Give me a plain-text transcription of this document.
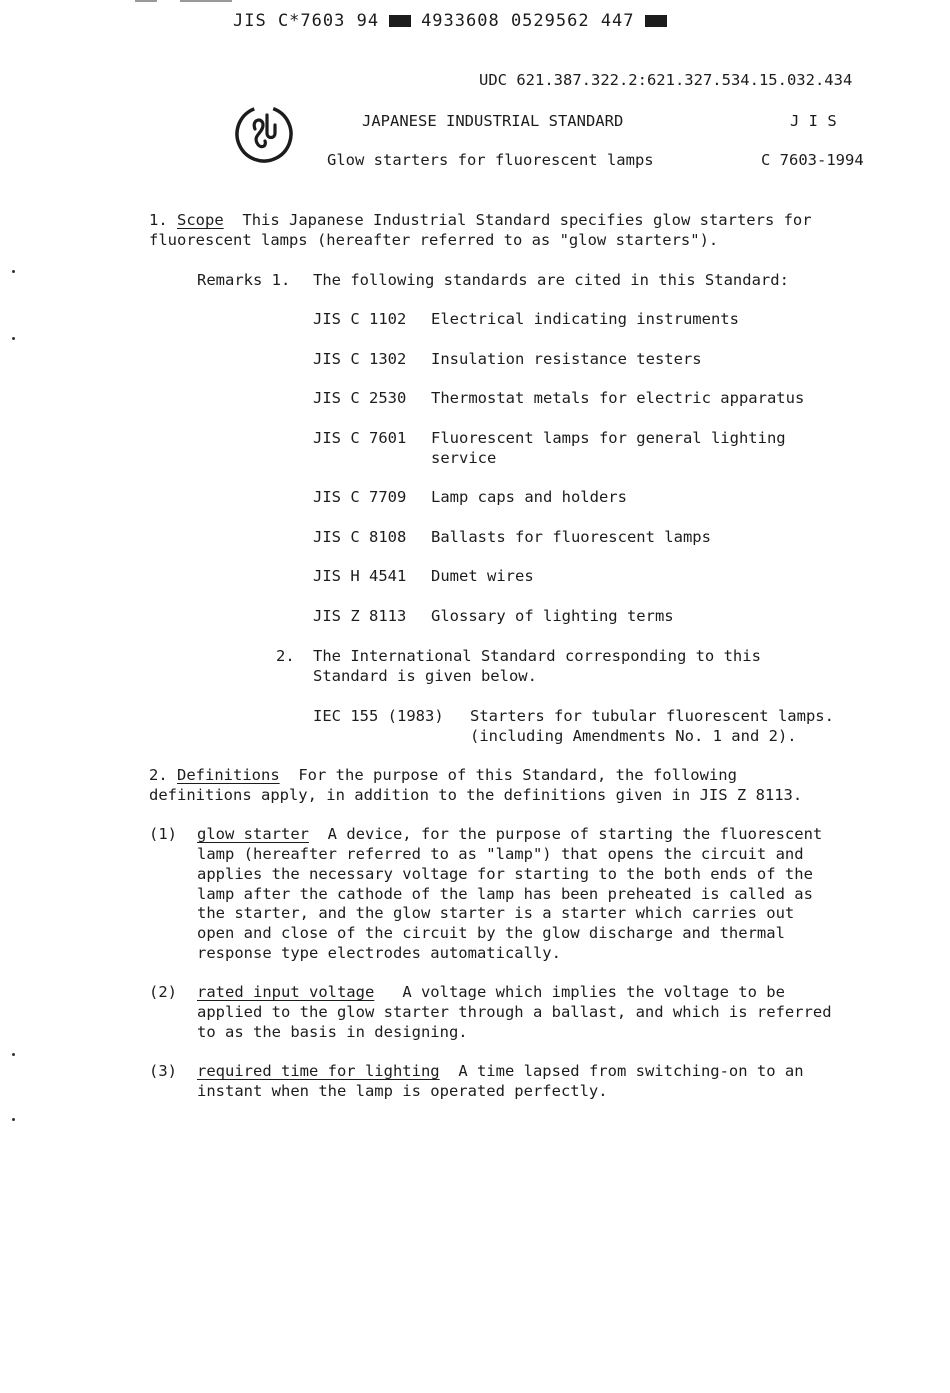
JIS C*7603 94 4933608 0529562 447
UDC 621.387.322.2:621.327.534.15.032.434
JAPANESE INDUSTRIAL STANDARD	J I S
Glow starters for fluorescent lamps	C 7603-1994
1. Scope This Japanese Industrial Standard specifies glow starters for
fluorescent lamps (hereafter referred to as "glow starters").
Remarks 1. The following standards are cited in this Standard:
JIS C 1102 Electrical indicating instruments
JIS C 1302 Insulation resistance testers
JIS C 2530 Thermostat metals for electric apparatus
JIS C 7601 Fluorescent lamps for general lighting
service
JIS C 7709 Lamp caps and holders
JIS C 8108 Ballasts for fluorescent lamps
JIS H 4541 Dumet wires
JIS Z 8113 Glossary of lighting terms
2. The International Standard corresponding to this
Standard is given below.
IEC 155 (1983) Starters for tubular fluorescent lamps.
(including Amendments No. 1 and 2).
2. Definitions For the purpose of this Standard, the following
definitions apply, in addition to the definitions given in JIS Z 8113.
(1) glow starter A device, for the purpose of starting the fluorescent
lamp (hereafter referred to as "lamp") that opens the circuit and
applies the necessary voltage for starting to the both ends of the
lamp after the cathode of the lamp has been preheated is called as
the starter, and the glow starter is a starter which carries out
open and close of the circuit by the glow discharge and thermal
response type electrodes automatically.
(2) rated input voltage A voltage which implies the voltage to be
applied to the glow starter through a ballast, and which is referred
to as the basis in designing.
(3) required time for lighting A time lapsed from switching-on to an
instant when the lamp is operated perfectly.
